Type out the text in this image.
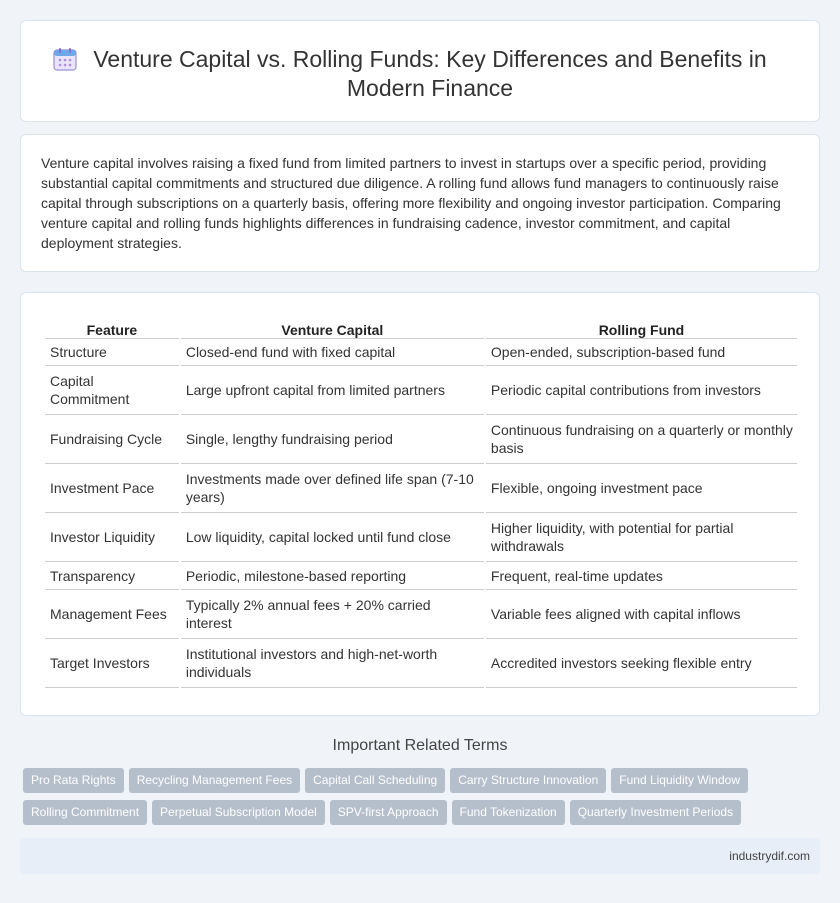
Venture Capital vs. Rolling Funds: Key Differences and Benefits in Modern Finance

Venture capital involves raising a fixed fund from limited partners to invest in startups over a specific period, providing substantial capital commitments and structured due diligence. A rolling fund allows fund managers to continuously raise capital through subscriptions on a quarterly basis, offering more flexibility and ongoing investor participation. Comparing venture capital and rolling funds highlights differences in fundraising cadence, investor commitment, and capital deployment strategies.

Feature	Venture Capital	Rolling Fund
Structure	Closed-end fund with fixed capital	Open-ended, subscription-based fund
Capital Commitment	Large upfront capital from limited partners	Periodic capital contributions from investors
Fundraising Cycle	Single, lengthy fundraising period	Continuous fundraising on a quarterly or monthly basis
Investment Pace	Investments made over defined life span (7-10 years)	Flexible, ongoing investment pace
Investor Liquidity	Low liquidity, capital locked until fund close	Higher liquidity, with potential for partial withdrawals
Transparency	Periodic, milestone-based reporting	Frequent, real-time updates
Management Fees	Typically 2% annual fees + 20% carried interest	Variable fees aligned with capital inflows
Target Investors	Institutional investors and high-net-worth individuals	Accredited investors seeking flexible entry
Important Related Terms
Pro Rata Rights Recycling Management Fees Capital Call Scheduling Carry Structure Innovation Fund Liquidity Window
Rolling Commitment Perpetual Subscription Model SPV-first Approach Fund Tokenization Quarterly Investment Periods
industrydif.com
